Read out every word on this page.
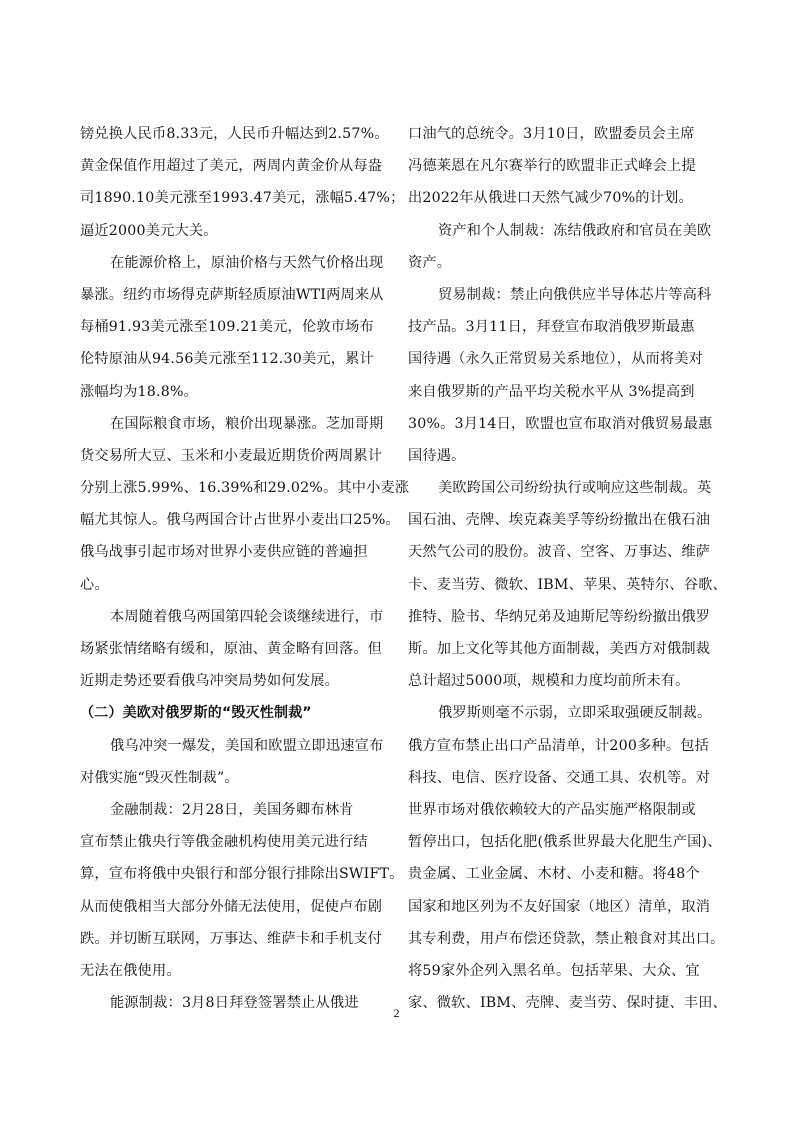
镑兑换人民币8.33元，人民币升幅达到2.57%。
黄金保值作用超过了美元，两周内黄金价从每盎
司1890.10美元涨至1993.47美元，涨幅5.47%；
逼近2000美元大关。
在能源价格上，原油价格与天然气价格出现
暴涨。纽约市场得克萨斯轻质原油WTI两周来从
每桶91.93美元涨至109.21美元，伦敦市场布
伦特原油从94.56美元涨至112.30美元，累计
涨幅均为18.8%。
在国际粮食市场，粮价出现暴涨。芝加哥期
货交易所大豆、玉米和小麦最近期货价两周累计
分别上涨5.99%、16.39%和29.02%。其中小麦涨
幅尤其惊人。俄乌两国合计占世界小麦出口25%。
俄乌战事引起市场对世界小麦供应链的普遍担
心。
本周随着俄乌两国第四轮会谈继续进行，市
场紧张情绪略有缓和，原油、黄金略有回落。但
近期走势还要看俄乌冲突局势如何发展。
（二）美欧对俄罗斯的“毁灭性制裁”
俄乌冲突一爆发，美国和欧盟立即迅速宣布
对俄实施“毁灭性制裁”。
金融制裁：2月28日，美国务卿布林肯
宣布禁止俄央行等俄金融机构使用美元进行结
算，宣布将俄中央银行和部分银行排除出SWIFT。
从而使俄相当大部分外储无法使用，促使卢布剧
跌。并切断互联网，万事达、维萨卡和手机支付
无法在俄使用。
能源制裁：3月8日拜登签署禁止从俄进
口油气的总统令。3月10日，欧盟委员会主席
冯德莱恩在凡尔赛举行的欧盟非正式峰会上提
出2022年从俄进口天然气减少70%的计划。
资产和个人制裁：冻结俄政府和官员在美欧
资产。
贸易制裁：禁止向俄供应半导体芯片等高科
技产品。3月11日，拜登宣布取消俄罗斯最惠
国待遇（永久正常贸易关系地位），从而将美对
来自俄罗斯的产品平均关税水平从 3%提高到
30%。3月14日，欧盟也宣布取消对俄贸易最惠
国待遇。
美欧跨国公司纷纷执行或响应这些制裁。英
国石油、壳牌、埃克森美孚等纷纷撤出在俄石油
天然气公司的股份。波音、空客、万事达、维萨
卡、麦当劳、微软、IBM、苹果、英特尔、谷歌、
推特、脸书、华纳兄弟及迪斯尼等纷纷撤出俄罗
斯。加上文化等其他方面制裁，美西方对俄制裁
总计超过5000项，规模和力度均前所未有。
俄罗斯则毫不示弱，立即采取强硬反制裁。
俄方宣布禁止出口产品清单，计200多种。包括
科技、电信、医疗设备、交通工具、农机等。对
世界市场对俄依赖较大的产品实施严格限制或
暂停出口，包括化肥(俄系世界最大化肥生产国)、
贵金属、工业金属、木材、小麦和糖。将48个
国家和地区列为不友好国家（地区）清单，取消
其专利费，用卢布偿还贷款，禁止粮食对其出口。
将59家外企列入黑名单。包括苹果、大众、宜
家、微软、IBM、壳牌、麦当劳、保时捷、丰田、
2
